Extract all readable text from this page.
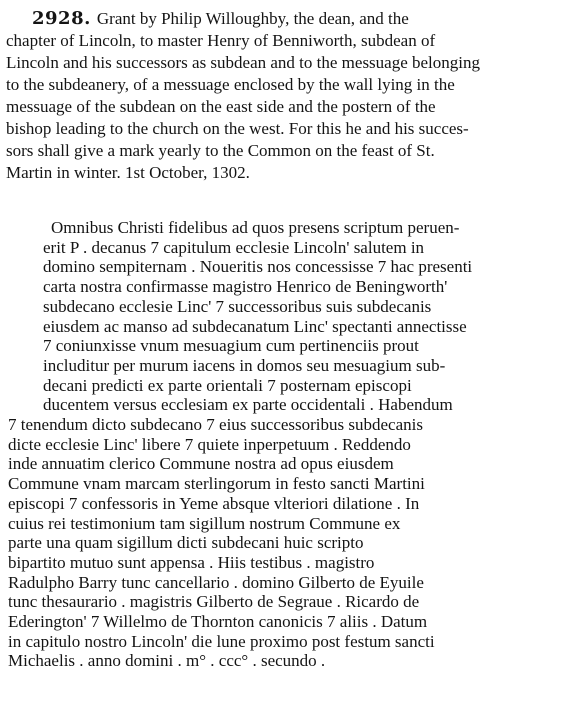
2928. Grant by Philip Willoughby, the dean, and the
chapter of Lincoln, to master Henry of Benniworth, subdean of
Lincoln and his successors as subdean and to the messuage belonging
to the subdeanery, of a messuage enclosed by the wall lying in the
messuage of the subdean on the east side and the postern of the
bishop leading to the church on the west. For this he and his succes-
sors shall give a mark yearly to the Common on the feast of St.
Martin in winter. 1st October, 1302.
Omnibus Christi fidelibus ad quos presens scriptum peruen-
erit P . decanus 7 capitulum ecclesie Lincoln' salutem in
domino sempiternam . Noueritis nos concessisse 7 hac presenti
carta nostra confirmasse magistro Henrico de Beningworth'
subdecano ecclesie Linc' 7 successoribus suis subdecanis
eiusdem ac manso ad subdecanatum Linc' spectanti annectisse
7 coniunxisse vnum mesuagium cum pertinenciis prout
includitur per murum iacens in domos seu mesuagium sub-
decani predicti ex parte orientali 7 posternam episcopi
ducentem versus ecclesiam ex parte occidentali . Habendum
7 tenendum dicto subdecano 7 eius successoribus subdecanis
dicte ecclesie Linc' libere 7 quiete inperpetuum . Reddendo
inde annuatim clerico Commune nostra ad opus eiusdem
Commune vnam marcam sterlingorum in festo sancti Martini
episcopi 7 confessoris in Yeme absque vlteriori dilatione . In
cuius rei testimonium tam sigillum nostrum Commune ex
parte una quam sigillum dicti subdecani huic scripto
bipartito mutuo sunt appensa . Hiis testibus . magistro
Radulpho Barry tunc cancellario . domino Gilberto de Eyuile
tunc thesaurario . magistris Gilberto de Segraue . Ricardo de
Ederington' 7 Willelmo de Thornton canonicis 7 aliis . Datum
in capitulo nostro Lincoln' die lune proximo post festum sancti
Michaelis . anno domini . m° . ccc° . secundo .
